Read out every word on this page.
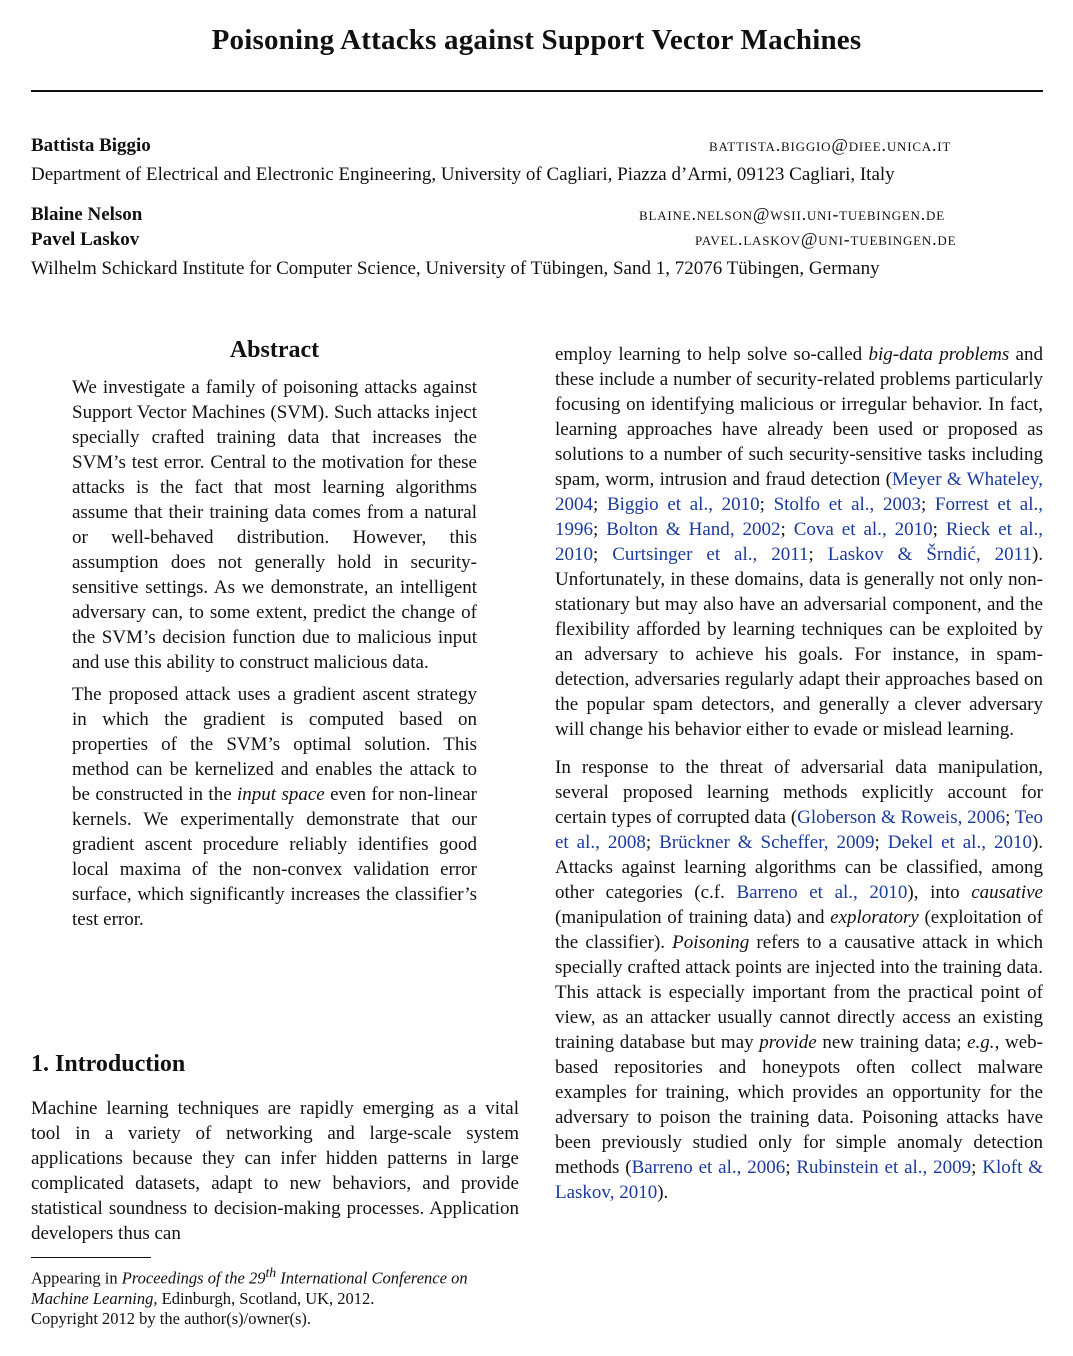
Poisoning Attacks against Support Vector Machines
Battista Biggio	battista.biggio@diee.unica.it
Department of Electrical and Electronic Engineering, University of Cagliari, Piazza d’Armi, 09123 Cagliari, Italy
Blaine Nelson	blaine.nelson@wsii.uni-tuebingen.de
Pavel Laskov	pavel.laskov@uni-tuebingen.de
Wilhelm Schickard Institute for Computer Science, University of Tübingen, Sand 1, 72076 Tübingen, Germany
Abstract

We investigate a family of poisoning attacks against Support Vector Machines (SVM). Such attacks inject specially crafted training data that increases the SVM’s test error. Central to the motivation for these attacks is the fact that most learning algorithms assume that their training data comes from a natural or well-behaved distribution. However, this assumption does not generally hold in security-sensitive settings. As we demonstrate, an intelligent adversary can, to some extent, predict the change of the SVM’s decision function due to malicious input and use this ability to construct malicious data.

The proposed attack uses a gradient ascent strategy in which the gradient is computed based on properties of the SVM’s optimal solution. This method can be kernelized and enables the attack to be constructed in the input space even for non-linear kernels. We experimentally demonstrate that our gradient ascent procedure reliably identifies good local maxima of the non-convex validation error surface, which significantly increases the classifier’s test error.

1. Introduction

Machine learning techniques are rapidly emerging as a vital tool in a variety of networking and large-scale system applications because they can infer hidden patterns in large complicated datasets, adapt to new behaviors, and provide statistical soundness to decision-making processes. Application developers thus can

Appearing in Proceedings of the 29th International Conference on Machine Learning, Edinburgh, Scotland, UK, 2012.

Copyright 2012 by the author(s)/owner(s).

employ learning to help solve so-called big-data problems and these include a number of security-related problems particularly focusing on identifying malicious or irregular behavior. In fact, learning approaches have already been used or proposed as solutions to a number of such security-sensitive tasks including spam, worm, intrusion and fraud detection (Meyer & Whateley, 2004; Biggio et al., 2010; Stolfo et al., 2003; Forrest et al., 1996; Bolton & Hand, 2002; Cova et al., 2010; Rieck et al., 2010; Curtsinger et al., 2011; Laskov & Šrndić, 2011). Unfortunately, in these domains, data is generally not only non-stationary but may also have an adversarial component, and the flexibility afforded by learning techniques can be exploited by an adversary to achieve his goals. For instance, in spam-detection, adversaries regularly adapt their approaches based on the popular spam detectors, and generally a clever adversary will change his behavior either to evade or mislead learning.

In response to the threat of adversarial data manipulation, several proposed learning methods explicitly account for certain types of corrupted data (Globerson & Roweis, 2006; Teo et al., 2008; Brückner & Scheffer, 2009; Dekel et al., 2010). Attacks against learning algorithms can be classified, among other categories (c.f. Barreno et al., 2010), into causative (manipulation of training data) and exploratory (exploitation of the classifier). Poisoning refers to a causative attack in which specially crafted attack points are injected into the training data. This attack is especially important from the practical point of view, as an attacker usually cannot directly access an existing training database but may provide new training data; e.g., web-based repositories and honeypots often collect malware examples for training, which provides an opportunity for the adversary to poison the training data. Poisoning attacks have been previously studied only for simple anomaly detection methods (Barreno et al., 2006; Rubinstein et al., 2009; Kloft & Laskov, 2010).
